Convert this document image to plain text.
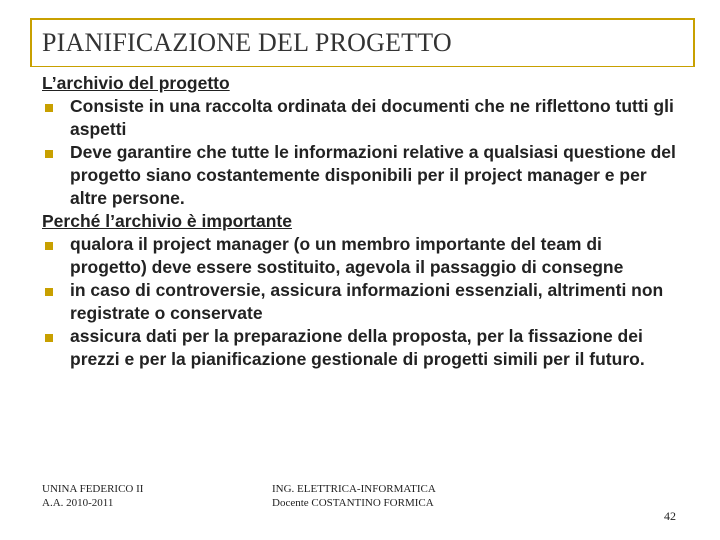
PIANIFICAZIONE DEL PROGETTO
L’archivio del progetto
Consiste in una raccolta ordinata dei documenti che ne riflettono tutti gli aspetti
Deve garantire che tutte le informazioni relative a qualsiasi questione del progetto siano costantemente disponibili per il project manager e per altre persone.
Perché l’archivio è importante
qualora il project manager (o un membro importante del team di progetto) deve essere sostituito, agevola il passaggio di consegne
in caso di controversie, assicura informazioni essenziali, altrimenti non registrate o conservate
assicura dati per la preparazione della proposta, per la fissazione dei prezzi e per la pianificazione gestionale di progetti simili per il futuro.
UNINA FEDERICO II
A.A. 2010-2011
ING. ELETTRICA-INFORMATICA
Docente COSTANTINO FORMICA
42
